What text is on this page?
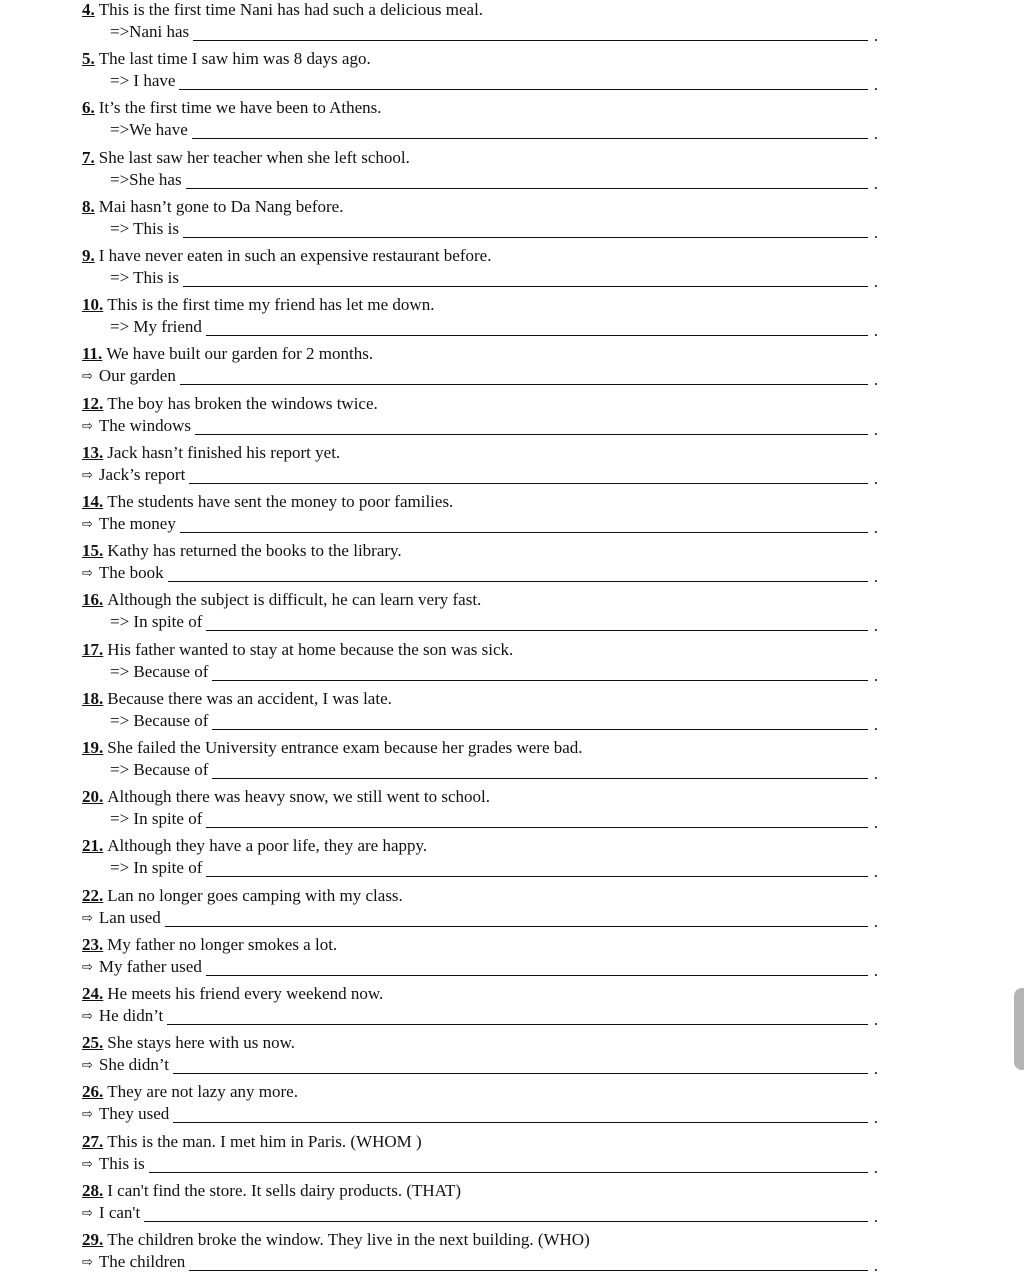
4. This is the first time Nani has had such a delicious meal.
=>Nani has	.
5. The last time I saw him was 8 days ago.
=> I have	.
6. It’s the first time we have been to Athens.
=>We have	.
7. She last saw her teacher when she left school.
=>She has	.
8. Mai hasn’t gone to Da Nang before.
=> This is	.
9. I have never eaten in such an expensive restaurant before.
=> This is	.
10. This is the first time my friend has let me down.
=> My friend	.
11. We have built our garden for 2 months.
⇨ Our garden	.
12. The boy has broken the windows twice.
⇨ The windows	.
13. Jack hasn’t finished his report yet.
⇨ Jack’s report	.
14. The students have sent the money to poor families.
⇨ The money	.
15. Kathy has returned the books to the library.
⇨ The book	.
16. Although the subject is difficult, he can learn very fast.
=> In spite of	.
17. His father wanted to stay at home because the son was sick.
=> Because of	.
18. Because there was an accident, I was late.
=> Because of	.
19. She failed the University entrance exam because her grades were bad.
=> Because of	.
20. Although there was heavy snow, we still went to school.
=> In spite of	.
21. Although they have a poor life, they are happy.
=> In spite of	.
22. Lan no longer goes camping with my class.
⇨ Lan used	.
23. My father no longer smokes a lot.
⇨ My father used	.
24. He meets his friend every weekend now.
⇨ He didn’t	.
25. She stays here with us now.
⇨ She didn’t	.
26. They are not lazy any more.
⇨ They used	.
27. This is the man. I met him in Paris. (WHOM )
⇨ This is	.
28. I can't find the store. It sells dairy products. (THAT)
⇨ I can't	.
29. The children broke the window. They live in the next building. (WHO)
⇨ The children	.
